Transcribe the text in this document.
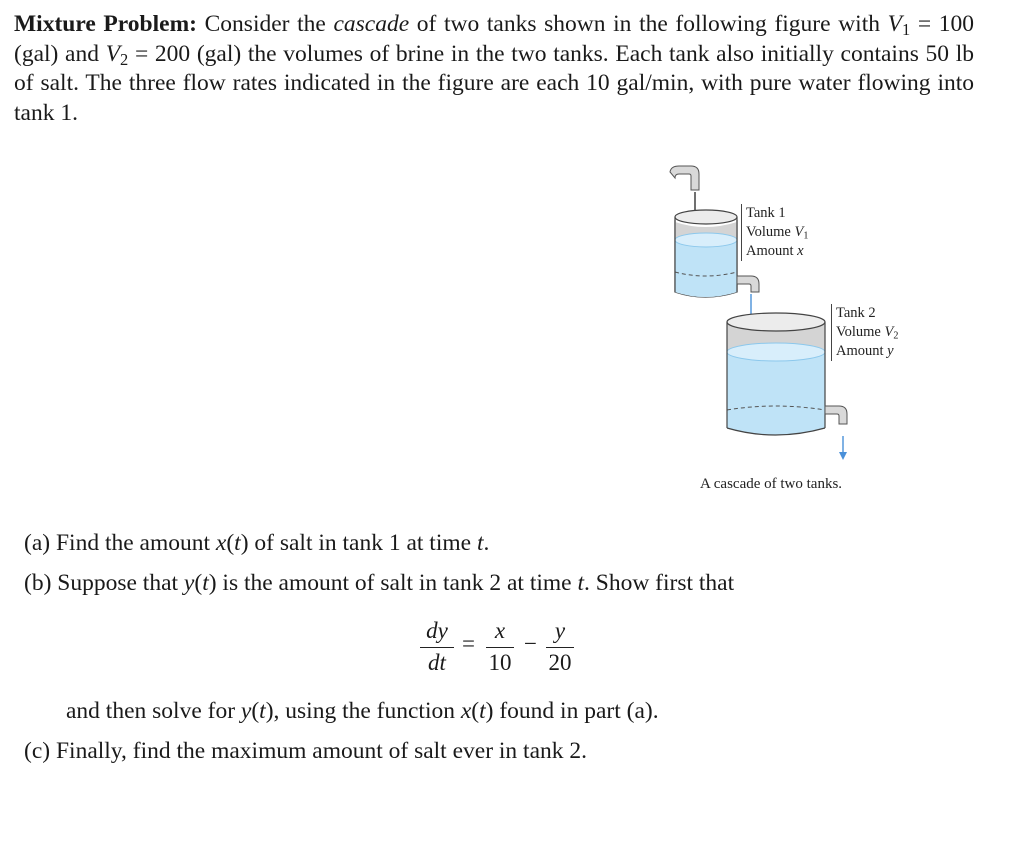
Mixture Problem: Consider the cascade of two tanks shown in the following figure with $V_1 = 100$ (gal) and $V_2 = 200$ (gal) the volumes of brine in the two tanks. Each tank also initially contains 50 lb of salt. The three flow rates indicated in the figure are each 10 gal/min, with pure water flowing into tank 1.
Tank 1
Volume $V_1$
Amount x
Tank 2
Volume $V_2$
Amount y
A cascade of two tanks.
(a) Find the amount x(t) of salt in tank 1 at time t.
(b) Suppose that y(t) is the amount of salt in tank 2 at time t. Show first that
dy
dt
=
x
10
−
y
20
and then solve for y(t), using the function x(t) found in part (a).
(c) Finally, find the maximum amount of salt ever in tank 2.
